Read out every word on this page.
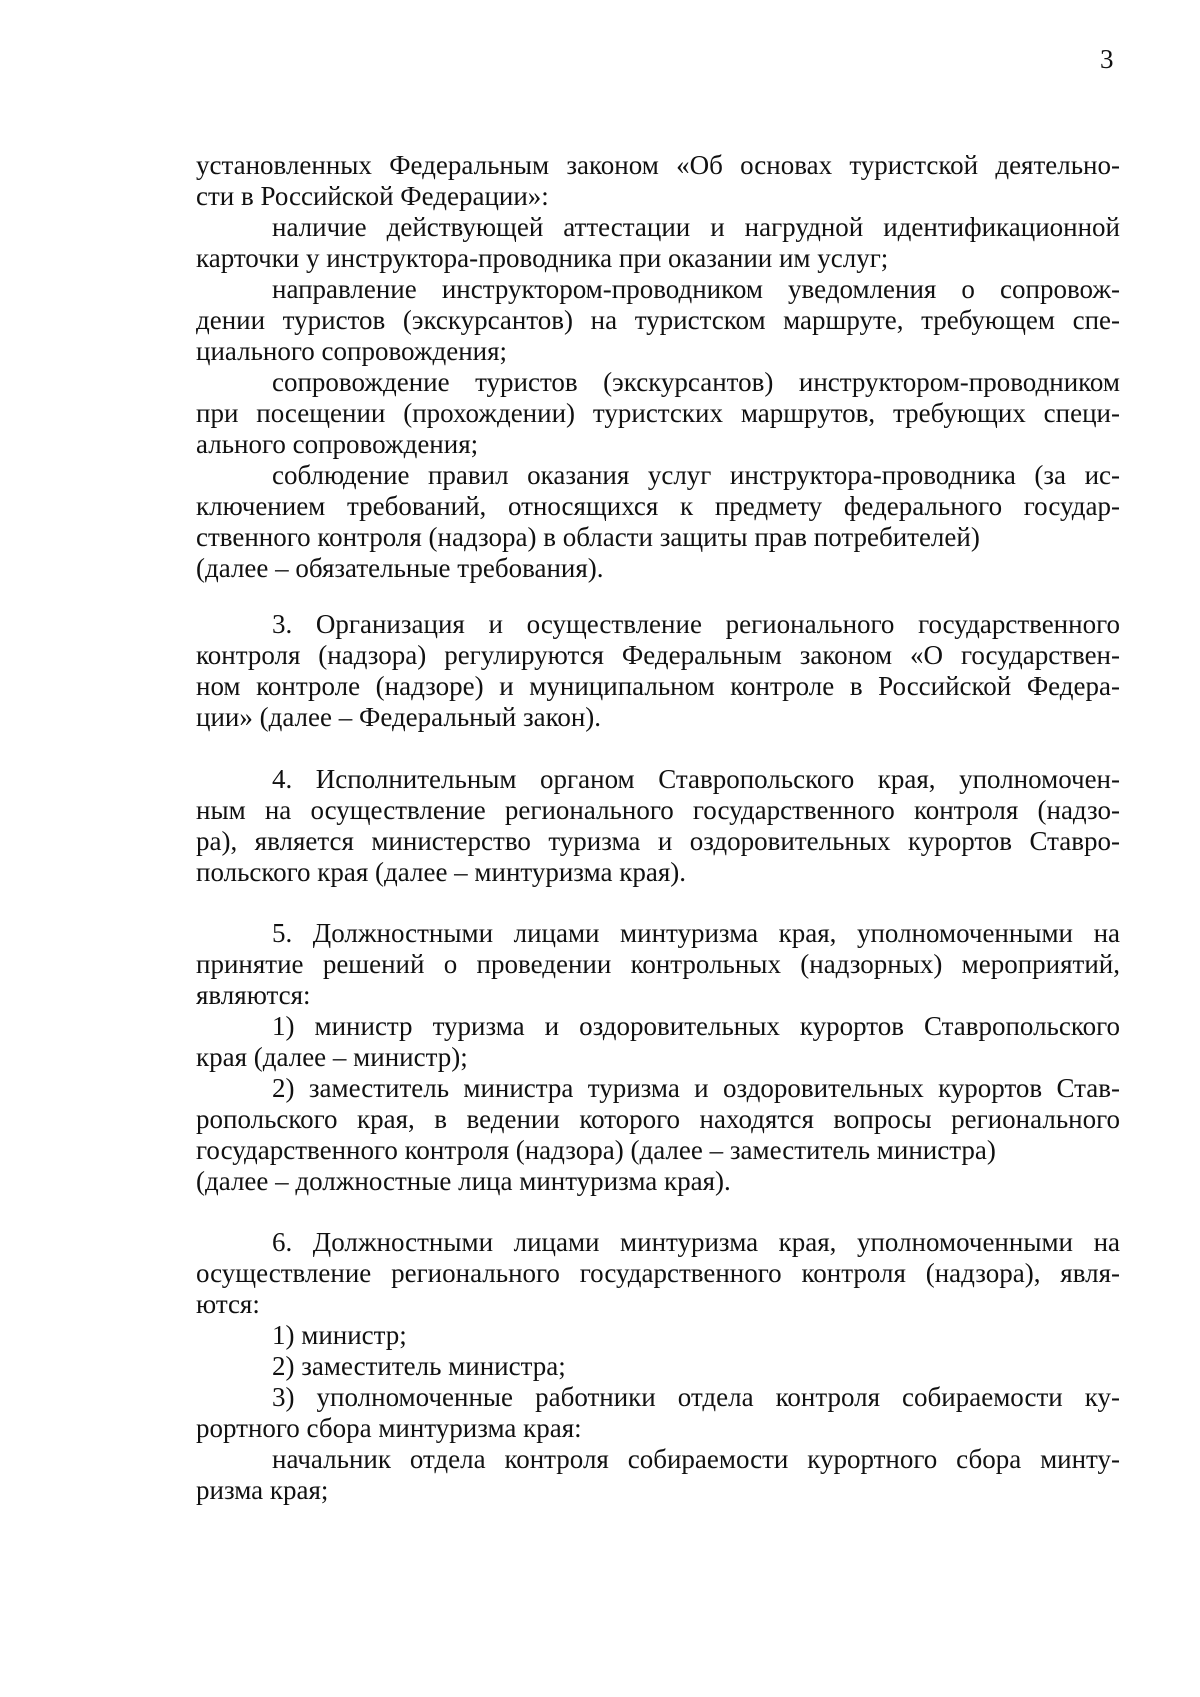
3
установленных Федеральным законом «Об основах туристской деятельно-
сти в Российской Федерации»:
наличие действующей аттестации и нагрудной идентификационной
карточки у инструктора-проводника при оказании им услуг;
направление инструктором-проводником уведомления о сопровож-
дении туристов (экскурсантов) на туристском маршруте, требующем спе-
циального сопровождения;
сопровождение туристов (экскурсантов) инструктором-проводником
при посещении (прохождении) туристских маршрутов, требующих специ-
ального сопровождения;
соблюдение правил оказания услуг инструктора-проводника (за ис-
ключением требований, относящихся к предмету федерального государ-
ственного контроля (надзора) в области защиты прав потребителей)
(далее – обязательные требования).
3. Организация и осуществление регионального государственного
контроля (надзора) регулируются Федеральным законом «О государствен-
ном контроле (надзоре) и муниципальном контроле в Российской Федера-
ции» (далее – Федеральный закон).
4. Исполнительным органом Ставропольского края, уполномочен-
ным на осуществление регионального государственного контроля (надзо-
ра), является министерство туризма и оздоровительных курортов Ставро-
польского края (далее – минтуризма края).
5. Должностными лицами минтуризма края, уполномоченными на
принятие решений о проведении контрольных (надзорных) мероприятий,
являются:
1) министр туризма и оздоровительных курортов Ставропольского
края (далее – министр);
2) заместитель министра туризма и оздоровительных курортов Став-
ропольского края, в ведении которого находятся вопросы регионального
государственного контроля (надзора) (далее – заместитель министра)
(далее – должностные лица минтуризма края).
6. Должностными лицами минтуризма края, уполномоченными на
осуществление регионального государственного контроля (надзора), явля-
ются:
1) министр;
2) заместитель министра;
3) уполномоченные работники отдела контроля собираемости ку-
рортного сбора минтуризма края:
начальник отдела контроля собираемости курортного сбора минту-
ризма края;
